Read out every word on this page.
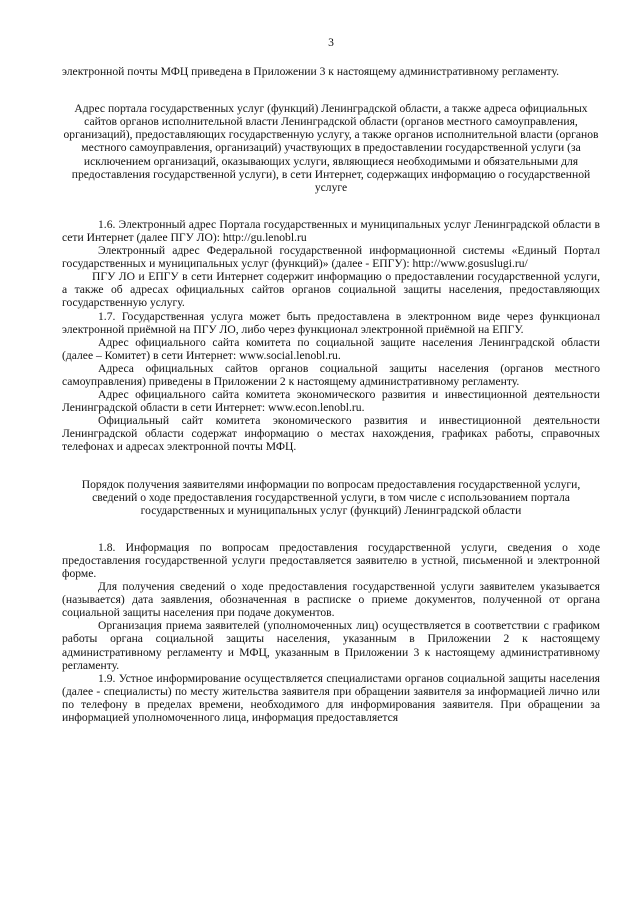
3

электронной почты МФЦ приведена в Приложении 3 к настоящему административному регламенту.

Адрес портала государственных услуг (функций) Ленинградской области, а также адреса официальных сайтов органов исполнительной власти Ленинградской области (органов местного самоуправления, организаций), предоставляющих государственную услугу, а также органов исполнительной власти (органов местного самоуправления, организаций) участвующих в предоставлении государственной услуги (за исключением организаций, оказывающих услуги, являющиеся необходимыми и обязательными для предоставления государственной услуги), в сети Интернет, содержащих информацию о государственной услуге

1.6. Электронный адрес Портала государственных и муниципальных услуг Ленинградской области в сети Интернет (далее ПГУ ЛО): http://gu.lenobl.ru

Электронный адрес Федеральной государственной информационной системы «Единый Портал государственных и муниципальных услуг (функций)» (далее - ЕПГУ): http://www.gosuslugi.ru/

ПГУ ЛО и ЕПГУ в сети Интернет содержит информацию о предоставлении государственной услуги, а также об адресах официальных сайтов органов социальной защиты населения, предоставляющих государственную услугу.

1.7. Государственная услуга может быть предоставлена в электронном виде через функционал электронной приёмной на ПГУ ЛО, либо через функционал электронной приёмной на ЕПГУ.

Адрес официального сайта комитета по социальной защите населения Ленинградской области (далее – Комитет) в сети Интернет: www.social.lenobl.ru.

Адреса официальных сайтов органов социальной защиты населения (органов местного самоуправления) приведены в Приложении 2 к настоящему административному регламенту.

Адрес официального сайта комитета экономического развития и инвестиционной деятельности Ленинградской области в сети Интернет: www.econ.lenobl.ru.

Официальный сайт комитета экономического развития и инвестиционной деятельности Ленинградской области содержат информацию о местах нахождения, графиках работы, справочных телефонах и адресах электронной почты МФЦ.

Порядок получения заявителями информации по вопросам предоставления государственной услуги, сведений о ходе предоставления государственной услуги, в том числе с использованием портала государственных и муниципальных услуг (функций) Ленинградской области

1.8. Информация по вопросам предоставления государственной услуги, сведения о ходе предоставления государственной услуги предоставляется заявителю в устной, письменной и электронной форме.

Для получения сведений о ходе предоставления государственной услуги заявителем указывается (называется) дата заявления, обозначенная в расписке о приеме документов, полученной от органа социальной защиты населения при подаче документов.

Организация приема заявителей (уполномоченных лиц) осуществляется в соответствии с графиком работы органа социальной защиты населения, указанным в Приложении 2 к настоящему административному регламенту и МФЦ, указанным в Приложении 3 к настоящему административному регламенту.

1.9. Устное информирование осуществляется специалистами органов социальной защиты населения (далее - специалисты) по месту жительства заявителя при обращении заявителя за информацией лично или по телефону в пределах времени, необходимого для информирования заявителя. При обращении за информацией уполномоченного лица, информация предоставляется
